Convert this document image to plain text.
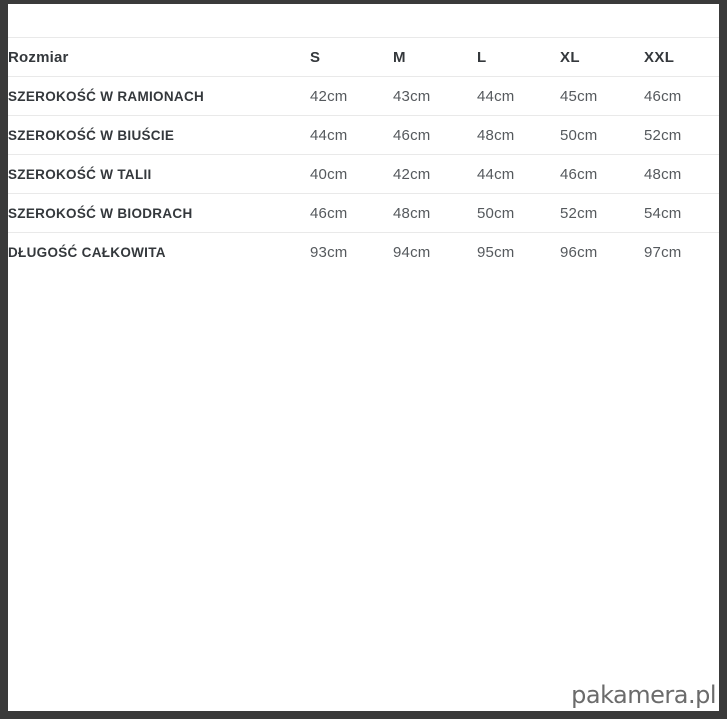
Rozmiar	S	M	L	XL	XXL
SZEROKOŚĆ W RAMIONACH	42cm	43cm	44cm	45cm	46cm
SZEROKOŚĆ W BIUŚCIE	44cm	46cm	48cm	50cm	52cm
SZEROKOŚĆ W TALII	40cm	42cm	44cm	46cm	48cm
SZEROKOŚĆ W BIODRACH	46cm	48cm	50cm	52cm	54cm
DŁUGOŚĆ CAŁKOWITA	93cm	94cm	95cm	96cm	97cm
pakamera.pl
